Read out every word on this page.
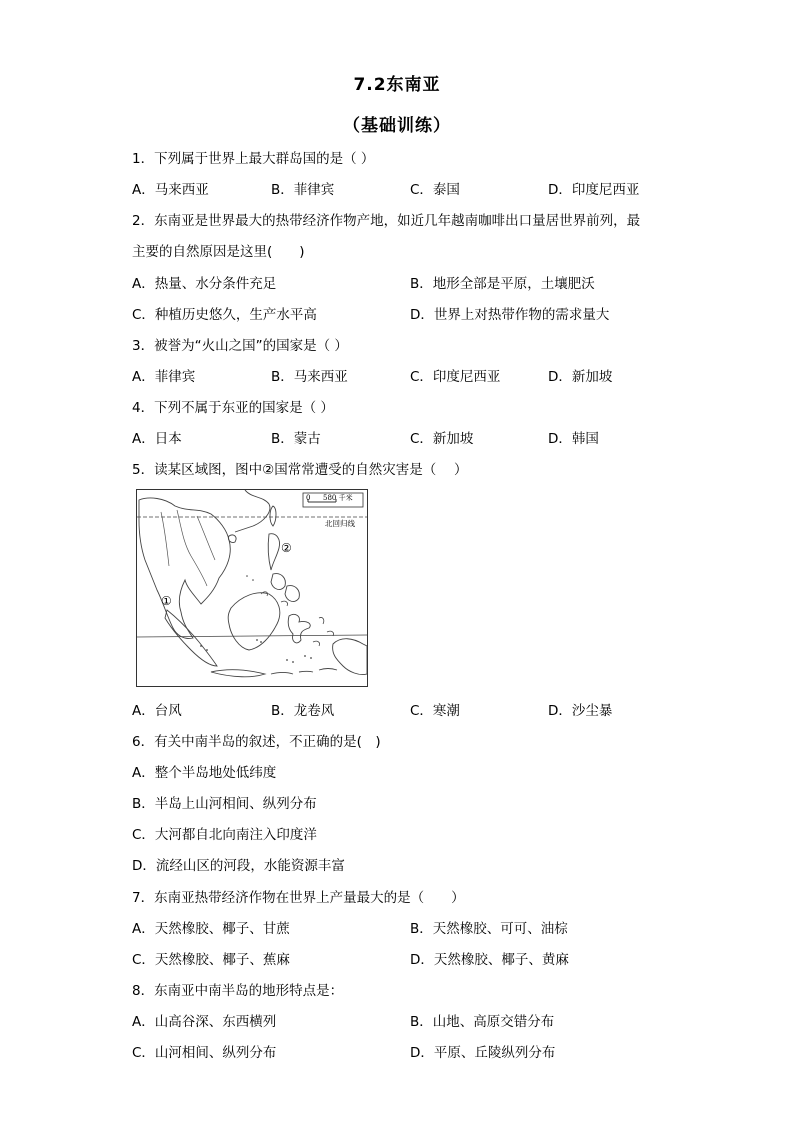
7.2东南亚
（基础训练）
1．下列属于世界上最大群岛国的是（ ）
A．马来西亚	B．菲律宾	C．泰国	D．印度尼西亚
2．东南亚是世界最大的热带经济作物产地，如近几年越南咖啡出口量居世界前列，最
主要的自然原因是这里(　　)
A．热量、水分条件充足	B．地形全部是平原，土壤肥沃
C．种植历史悠久，生产水平高	D．世界上对热带作物的需求量大
3．被誉为“火山之国”的国家是（ ）
A．菲律宾	B．马来西亚	C．印度尼西亚	D．新加坡
4．下列不属于东亚的国家是（ ）
A．日本	B．蒙古	C．新加坡	D．韩国
5．读某区域图，图中②国常常遭受的自然灾害是（　 ）
0 580 千米
北回归线
①
②
A．台风	B．龙卷风	C．寒潮	D．沙尘暴
6．有关中南半岛的叙述，不正确的是(　)
A．整个半岛地处低纬度
B．半岛上山河相间、纵列分布
C．大河都自北向南注入印度洋
D．流经山区的河段，水能资源丰富
7．东南亚热带经济作物在世界上产量最大的是（　　）
A．天然橡胶、椰子、甘蔗	B．天然橡胶、可可、油棕
C．天然橡胶、椰子、蕉麻	D．天然橡胶、椰子、黄麻
8．东南亚中南半岛的地形特点是：
A．山高谷深、东西横列	B．山地、高原交错分布
C．山河相间、纵列分布	D．平原、丘陵纵列分布
